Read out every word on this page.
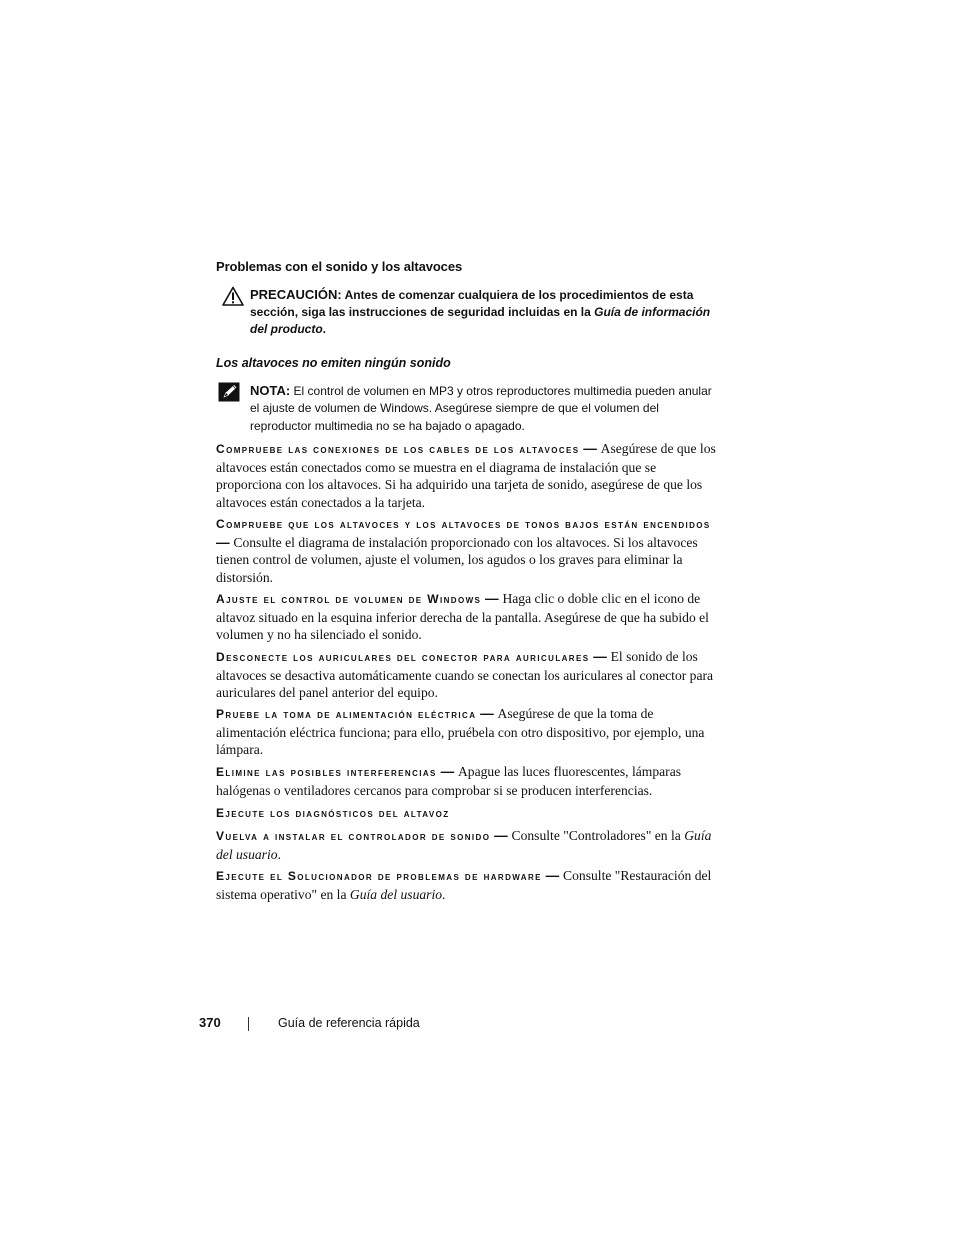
Problemas con el sonido y los altavoces
PRECAUCIÓN: Antes de comenzar cualquiera de los procedimientos de esta sección, siga las instrucciones de seguridad incluidas en la Guía de información del producto.
Los altavoces no emiten ningún sonido
NOTA: El control de volumen en MP3 y otros reproductores multimedia pueden anular el ajuste de volumen de Windows. Asegúrese siempre de que el volumen del reproductor multimedia no se ha bajado o apagado.
Compruebe las conexiones de los cables de los altavoces — Asegúrese de que los altavoces están conectados como se muestra en el diagrama de instalación que se proporciona con los altavoces. Si ha adquirido una tarjeta de sonido, asegúrese de que los altavoces están conectados a la tarjeta.
Compruebe que los altavoces y los altavoces de tonos bajos están encendidos — Consulte el diagrama de instalación proporcionado con los altavoces. Si los altavoces tienen control de volumen, ajuste el volumen, los agudos o los graves para eliminar la distorsión.
Ajuste el control de volumen de Windows — Haga clic o doble clic en el icono de altavoz situado en la esquina inferior derecha de la pantalla. Asegúrese de que ha subido el volumen y no ha silenciado el sonido.
Desconecte los auriculares del conector para auriculares — El sonido de los altavoces se desactiva automáticamente cuando se conectan los auriculares al conector para auriculares del panel anterior del equipo.
Pruebe la toma de alimentación eléctrica — Asegúrese de que la toma de alimentación eléctrica funciona; para ello, pruébela con otro dispositivo, por ejemplo, una lámpara.
Elimine las posibles interferencias — Apague las luces fluorescentes, lámparas halógenas o ventiladores cercanos para comprobar si se producen interferencias.
Ejecute los diagnósticos del altavoz
Vuelva a instalar el controlador de sonido — Consulte "Controladores" en la Guía del usuario.
Ejecute el Solucionador de problemas de hardware — Consulte "Restauración del sistema operativo" en la Guía del usuario.
370	Guía de referencia rápida
